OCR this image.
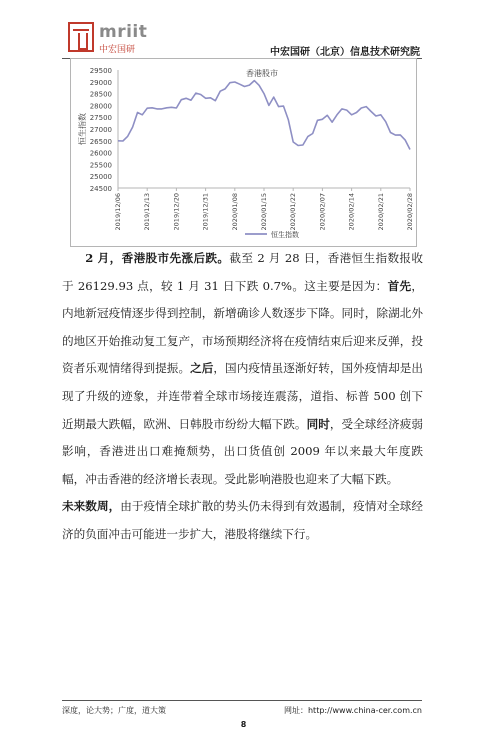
mriit
中宏国研	中宏国研（北京）信息技术研究院
24500
25000
25500
26000
26500
27000
27500
28000
28500
29000
29500
恒生指数
香港股市
2019/12/06	2019/12/13	2019/12/20	2019/12/31	2020/01/08	2020/01/15	2020/01/22	2020/02/07	2020/02/14	2020/02/21	2020/02/28
恒生指数

2 月，香港股市先涨后跌。截至 2 月 28 日，香港恒生指数报收于 26129.93 点，较 1 月 31 日下跌 0.7%。这主要是因为：首先，内地新冠疫情逐步得到控制，新增确诊人数逐步下降。同时，除湖北外的地区开始推动复工复产，市场预期经济将在疫情结束后迎来反弹，投资者乐观情绪得到提振。之后，国内疫情虽逐渐好转，国外疫情却是出现了升级的迹象，并连带着全球市场接连震荡，道指、标普 500 创下近期最大跌幅，欧洲、日韩股市纷纷大幅下跌。同时，受全球经济疲弱影响，香港进出口难掩颓势，出口货值创 2009 年以来最大年度跌幅，冲击香港的经济增长表现。受此影响港股也迎来了大幅下跌。

未来数周，由于疫情全球扩散的势头仍未得到有效遏制，疫情对全球经济的负面冲击可能进一步扩大，港股将继续下行。

深度，论大势；广度，道大策	网址：http://www.china-cer.com.cn
8
